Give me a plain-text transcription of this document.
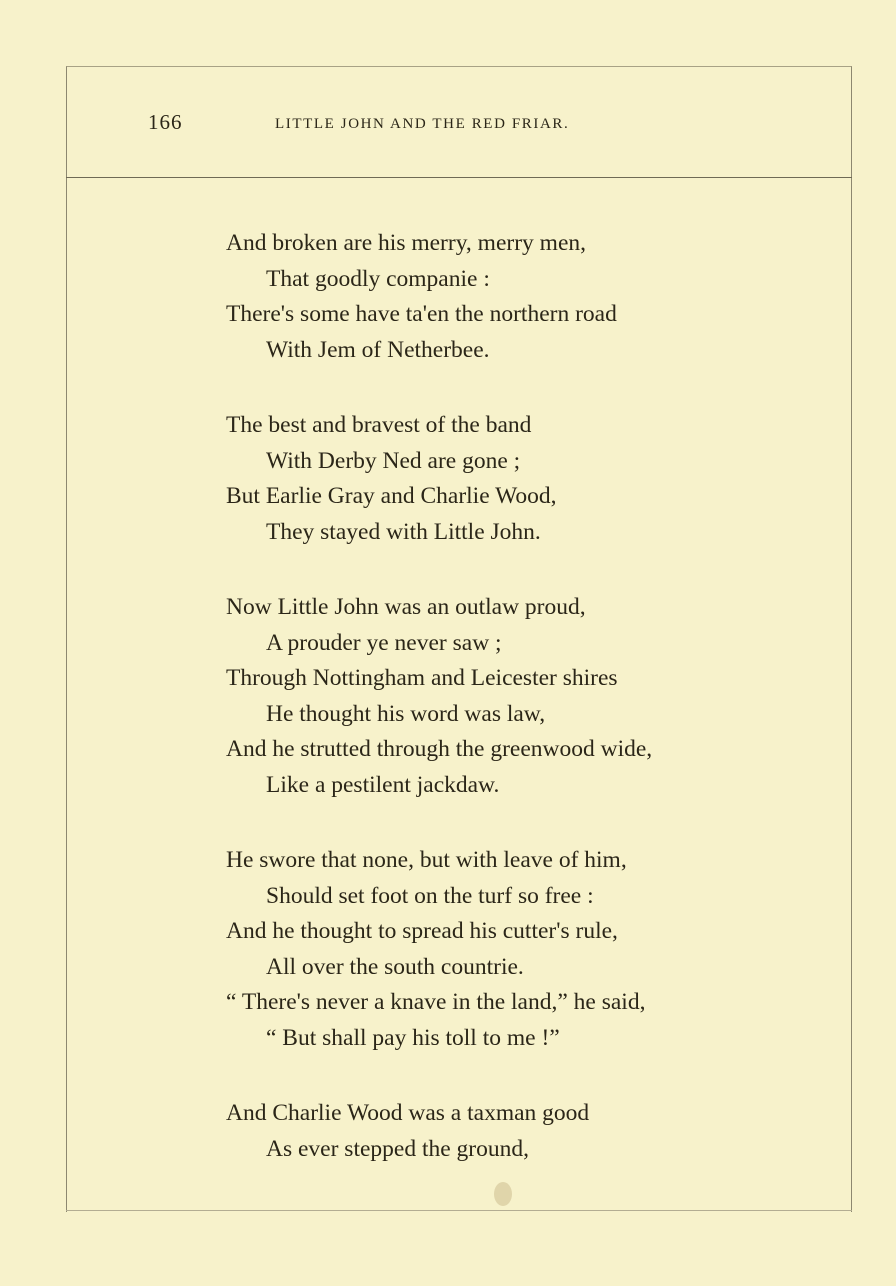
166	LITTLE JOHN AND THE RED FRIAR.
And broken are his merry, merry men,
That goodly companie :
There's some have ta'en the northern road
With Jem of Netherbee.
The best and bravest of the band
With Derby Ned are gone ;
But Earlie Gray and Charlie Wood,
They stayed with Little John.
Now Little John was an outlaw proud,
A prouder ye never saw ;
Through Nottingham and Leicester shires
He thought his word was law,
And he strutted through the greenwood wide,
Like a pestilent jackdaw.
He swore that none, but with leave of him,
Should set foot on the turf so free :
And he thought to spread his cutter's rule,
All over the south countrie.
“ There's never a knave in the land,” he said,
“ But shall pay his toll to me !”
And Charlie Wood was a taxman good
As ever stepped the ground,
